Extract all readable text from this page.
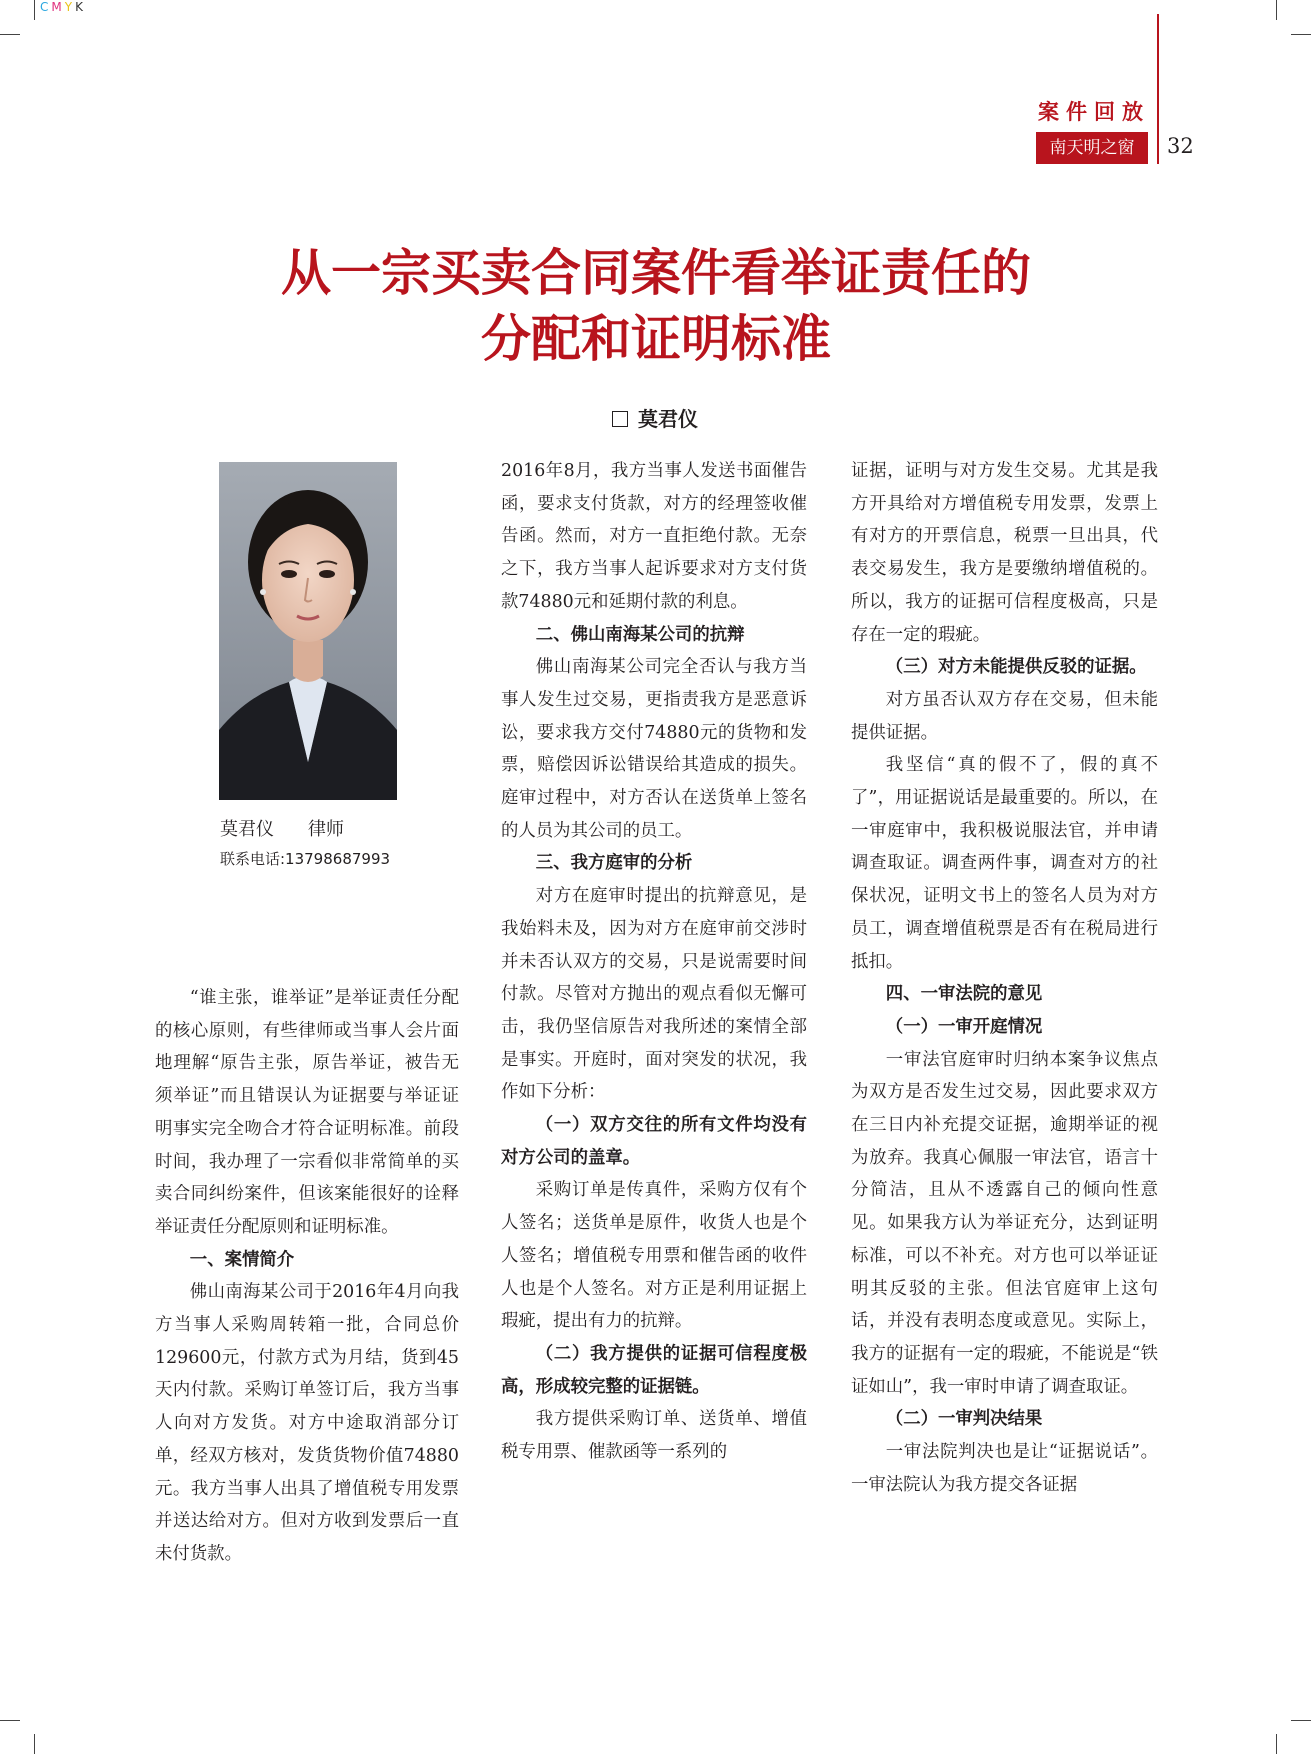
CMYK
案件回放
南天明之窗	32
从一宗买卖合同案件看举证责任的
分配和证明标准
莫君仪
莫君仪 律师
联系电话:13798687993

“谁主张，谁举证”是举证责任分配的核心原则，有些律师或当事人会片面地理解“原告主张，原告举证，被告无须举证”而且错误认为证据要与举证证明事实完全吻合才符合证明标准。前段时间，我办理了一宗看似非常简单的买卖合同纠纷案件，但该案能很好的诠释举证责任分配原则和证明标准。

一、案情简介

佛山南海某公司于2016年4月向我方当事人采购周转箱一批，合同总价129600元，付款方式为月结，货到45天内付款。采购订单签订后，我方当事人向对方发货。对方中途取消部分订单，经双方核对，发货货物价值74880元。我方当事人出具了增值税专用发票并送达给对方。但对方收到发票后一直未付货款。

2016年8月，我方当事人发送书面催告函，要求支付货款，对方的经理签收催告函。然而，对方一直拒绝付款。无奈之下，我方当事人起诉要求对方支付货款74880元和延期付款的利息。

二、佛山南海某公司的抗辩

佛山南海某公司完全否认与我方当事人发生过交易，更指责我方是恶意诉讼，要求我方交付74880元的货物和发票，赔偿因诉讼错误给其造成的损失。庭审过程中，对方否认在送货单上签名的人员为其公司的员工。

三、我方庭审的分析

对方在庭审时提出的抗辩意见，是我始料未及，因为对方在庭审前交涉时并未否认双方的交易，只是说需要时间付款。尽管对方抛出的观点看似无懈可击，我仍坚信原告对我所述的案情全部是事实。开庭时，面对突发的状况，我作如下分析：

（一）双方交往的所有文件均没有对方公司的盖章。

采购订单是传真件，采购方仅有个人签名；送货单是原件，收货人也是个人签名；增值税专用票和催告函的收件人也是个人签名。对方正是利用证据上瑕疵，提出有力的抗辩。

（二）我方提供的证据可信程度极高，形成较完整的证据链。

我方提供采购订单、送货单、增值税专用票、催款函等一系列的

证据，证明与对方发生交易。尤其是我方开具给对方增值税专用发票，发票上有对方的开票信息，税票一旦出具，代表交易发生，我方是要缴纳增值税的。所以，我方的证据可信程度极高，只是存在一定的瑕疵。

（三）对方未能提供反驳的证据。

对方虽否认双方存在交易，但未能提供证据。

我坚信“真的假不了，假的真不了”，用证据说话是最重要的。所以，在一审庭审中，我积极说服法官，并申请调查取证。调查两件事，调查对方的社保状况，证明文书上的签名人员为对方员工，调查增值税票是否有在税局进行抵扣。

四、一审法院的意见

（一）一审开庭情况

一审法官庭审时归纳本案争议焦点为双方是否发生过交易，因此要求双方在三日内补充提交证据，逾期举证的视为放弃。我真心佩服一审法官，语言十分简洁，且从不透露自己的倾向性意见。如果我方认为举证充分，达到证明标准，可以不补充。对方也可以举证证明其反驳的主张。但法官庭审上这句话，并没有表明态度或意见。实际上，我方的证据有一定的瑕疵，不能说是“铁证如山”，我一审时申请了调查取证。

（二）一审判决结果

一审法院判决也是让“证据说话”。一审法院认为我方提交各证据
